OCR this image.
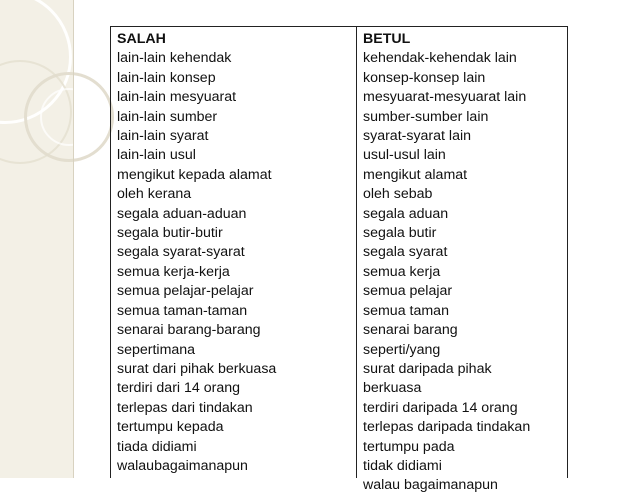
SALAH
lain-lain kehendak
lain-lain konsep
lain-lain mesyuarat
lain-lain sumber
lain-lain syarat
lain-lain usul
mengikut kepada alamat
oleh kerana
segala aduan-aduan
segala butir-butir
segala syarat-syarat
semua kerja-kerja
semua pelajar-pelajar
semua taman-taman
senarai barang-barang
sepertimana
surat dari pihak berkuasa
terdiri dari 14 orang
terlepas dari tindakan
tertumpu kepada
tiada didiami
walaubagaimanapun
BETUL
kehendak-kehendak lain
konsep-konsep lain
mesyuarat-mesyuarat lain
sumber-sumber lain
syarat-syarat lain
usul-usul lain
mengikut alamat
oleh sebab
segala aduan
segala butir
segala syarat
semua kerja
semua pelajar
semua taman
senarai barang
seperti/yang
surat daripada pihak
berkuasa
terdiri daripada 14 orang
terlepas daripada tindakan
tertumpu pada
tidak didiami
walau bagaimanapun
